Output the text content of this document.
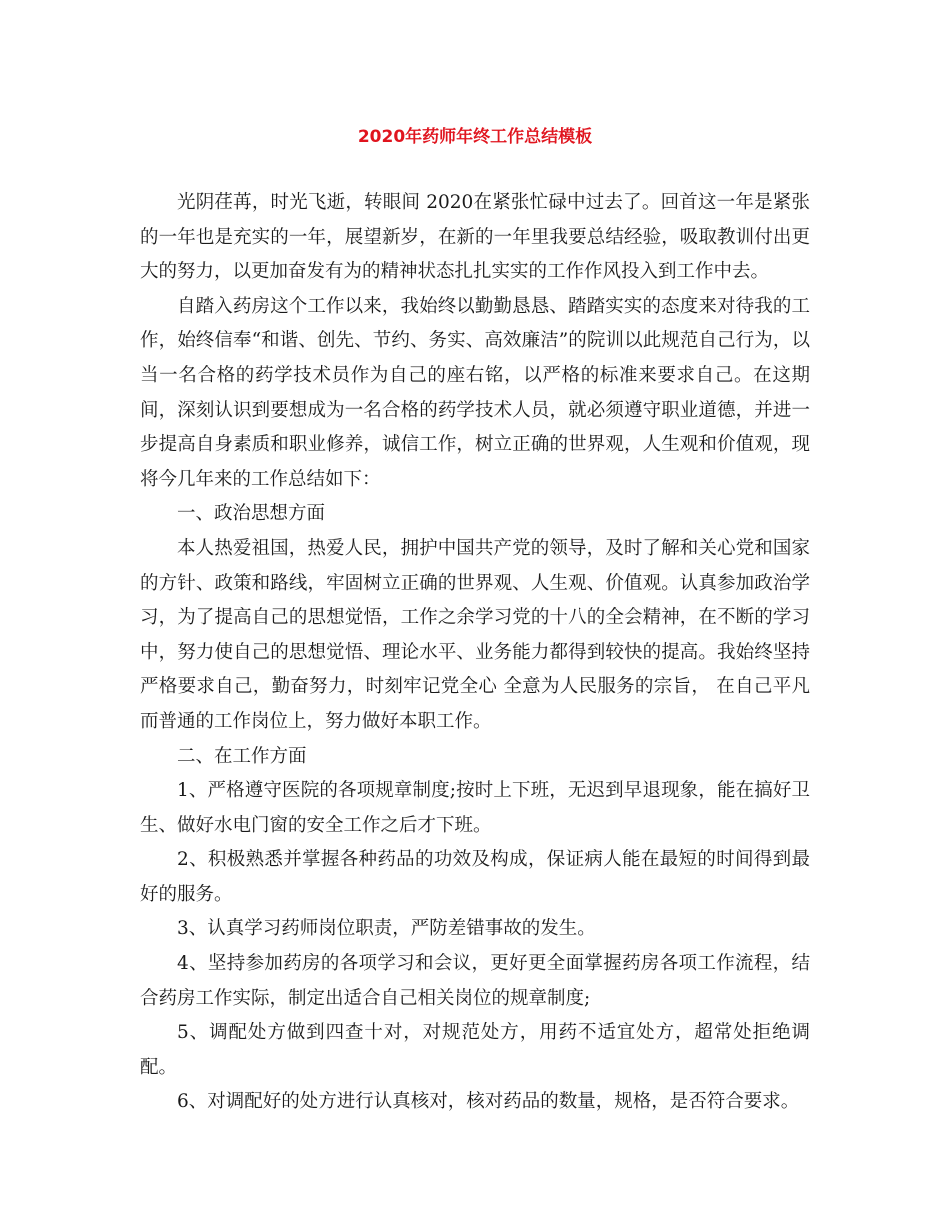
2020年药师年终工作总结模板

光阴荏苒，时光飞逝，转眼间 2020在紧张忙碌中过去了。回首这一年是紧张的一年也是充实的一年，展望新岁，在新的一年里我要总结经验，吸取教训付出更大的努力，以更加奋发有为的精神状态扎扎实实的工作作风投入到工作中去。

自踏入药房这个工作以来，我始终以勤勤恳恳、踏踏实实的态度来对待我的工作，始终信奉“和谐、创先、节约、务实、高效廉洁”的院训以此规范自己行为，以当一名合格的药学技术员作为自己的座右铭，以严格的标准来要求自己。在这期间，深刻认识到要想成为一名合格的药学技术人员，就必须遵守职业道德，并进一步提高自身素质和职业修养，诚信工作，树立正确的世界观，人生观和价值观，现将今几年来的工作总结如下：

一、政治思想方面

本人热爱祖国，热爱人民，拥护中国共产党的领导，及时了解和关心党和国家的方针、政策和路线，牢固树立正确的世界观、人生观、价值观。认真参加政治学习，为了提高自己的思想觉悟，工作之余学习党的十八的全会精神，在不断的学习中，努力使自己的思想觉悟、理论水平、业务能力都得到较快的提高。我始终坚持严格要求自己，勤奋努力，时刻牢记党全心 全意为人民服务的宗旨， 在自己平凡而普通的工作岗位上，努力做好本职工作。

二、在工作方面

1、严格遵守医院的各项规章制度;按时上下班，无迟到早退现象，能在搞好卫生、做好水电门窗的安全工作之后才下班。

2、积极熟悉并掌握各种药品的功效及构成，保证病人能在最短的时间得到最好的服务。

3、认真学习药师岗位职责，严防差错事故的发生。

4、坚持参加药房的各项学习和会议，更好更全面掌握药房各项工作流程，结合药房工作实际，制定出适合自己相关岗位的规章制度;

5、调配处方做到四查十对，对规范处方，用药不适宜处方，超常处拒绝调配。

6、对调配好的处方进行认真核对，核对药品的数量，规格，是否符合要求。
